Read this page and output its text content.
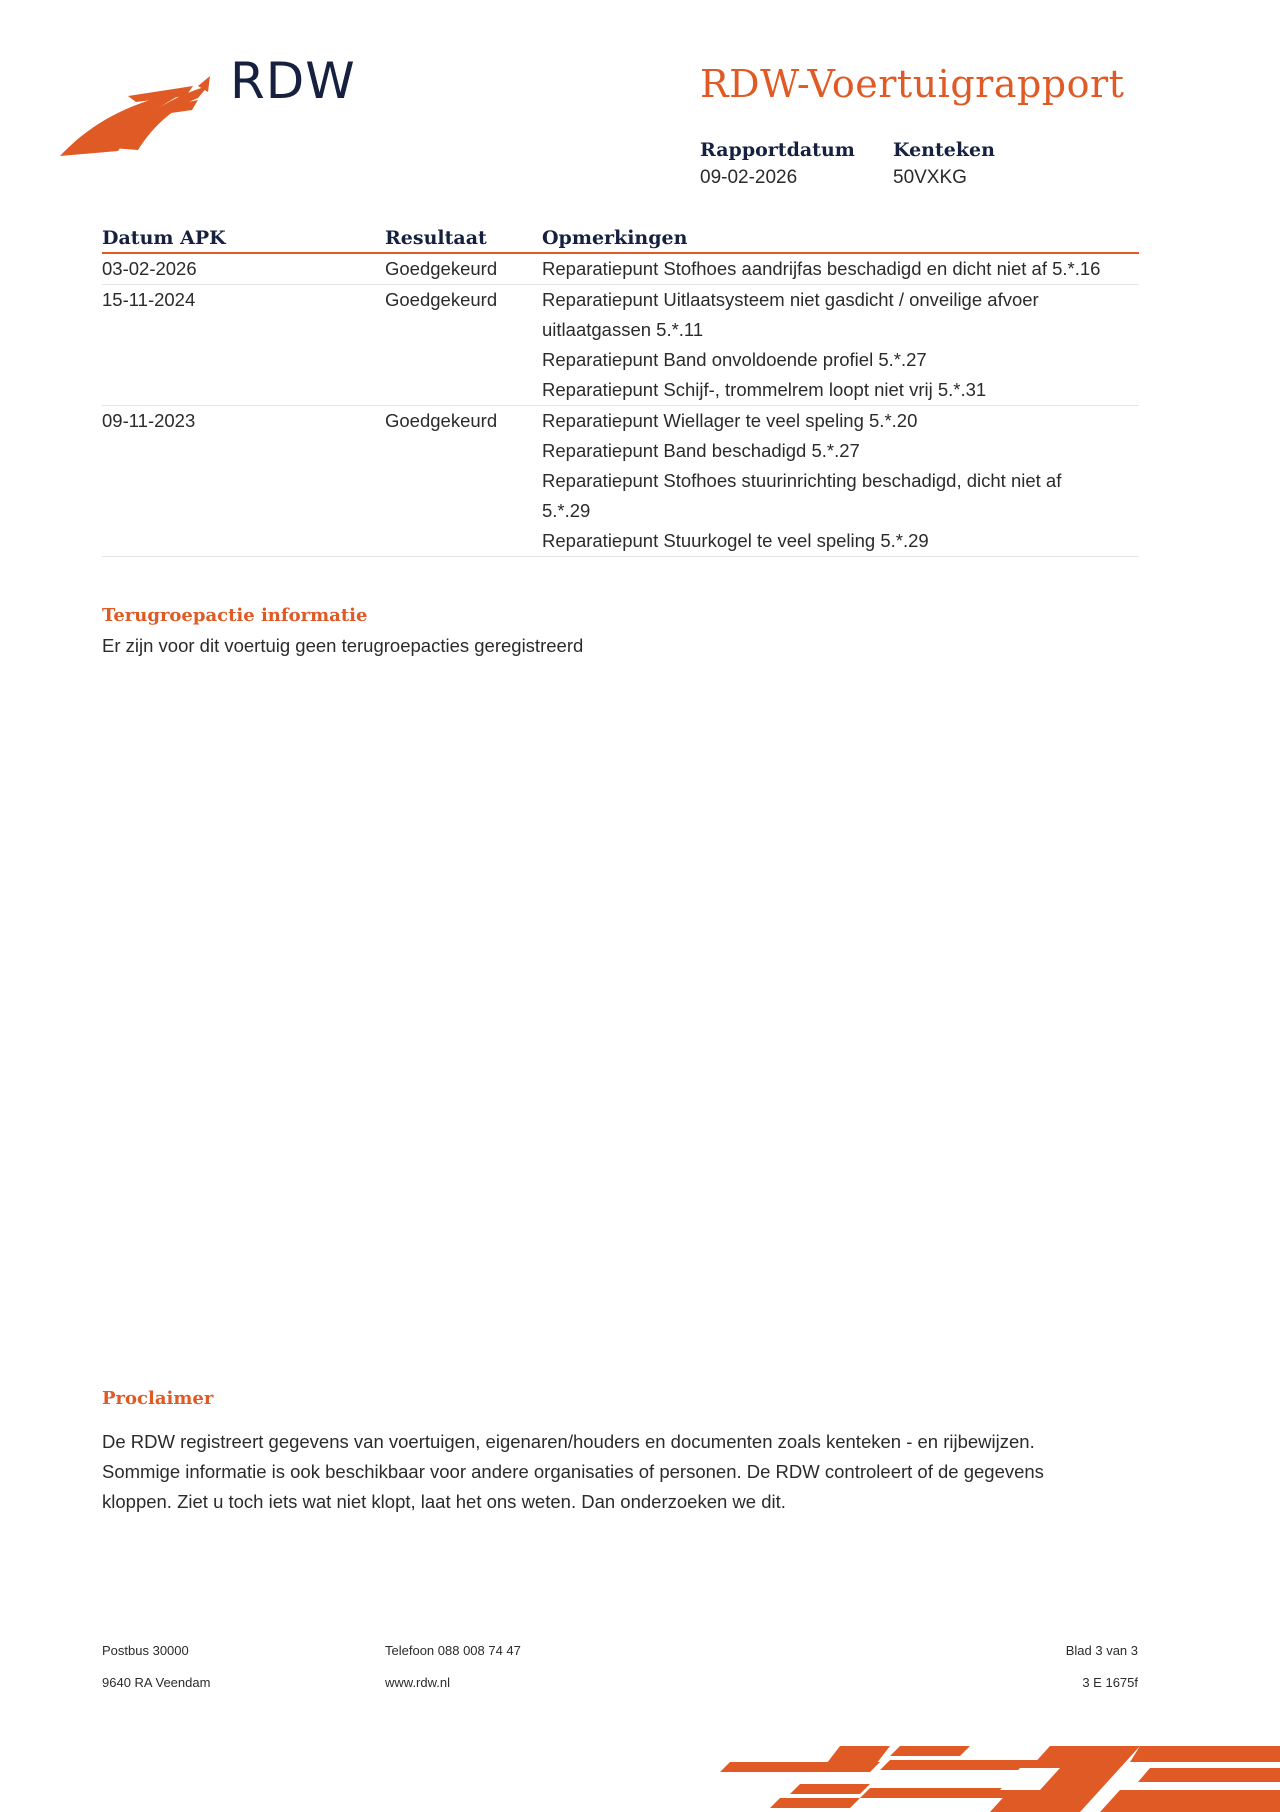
RDW	RDW-Voertuigrapport
Rapportdatum
09-02-2026
Kenteken
50VXKG
Datum APK	Resultaat	Opmerkingen
03-02-2026	Goedgekeurd	Reparatiepunt Stofhoes aandrijfas beschadigd en dicht niet af 5.*.16

15-11-2024	Goedgekeurd	Reparatiepunt Uitlaatsysteem niet gasdicht / onveilige afvoer
uitlaatgassen 5.*.11
Reparatiepunt Band onvoldoende profiel 5.*.27
Reparatiepunt Schijf-, trommelrem loopt niet vrij 5.*.31

09-11-2023	Goedgekeurd	Reparatiepunt Wiellager te veel speling 5.*.20
Reparatiepunt Band beschadigd 5.*.27
Reparatiepunt Stofhoes stuurinrichting beschadigd, dicht niet af
5.*.29
Reparatiepunt Stuurkogel te veel speling 5.*.29
Terugroepactie informatie
Er zijn voor dit voertuig geen terugroepacties geregistreerd
Proclaimer
De RDW registreert gegevens van voertuigen, eigenaren/houders en documenten zoals kenteken - en rijbewijzen.
Sommige informatie is ook beschikbaar voor andere organisaties of personen. De RDW controleert of de gegevens
kloppen. Ziet u toch iets wat niet klopt, laat het ons weten. Dan onderzoeken we dit.
Postbus 30000
9640 RA Veendam
Telefoon 088 008 74 47
www.rdw.nl
Blad 3 van 3
3 E 1675f
